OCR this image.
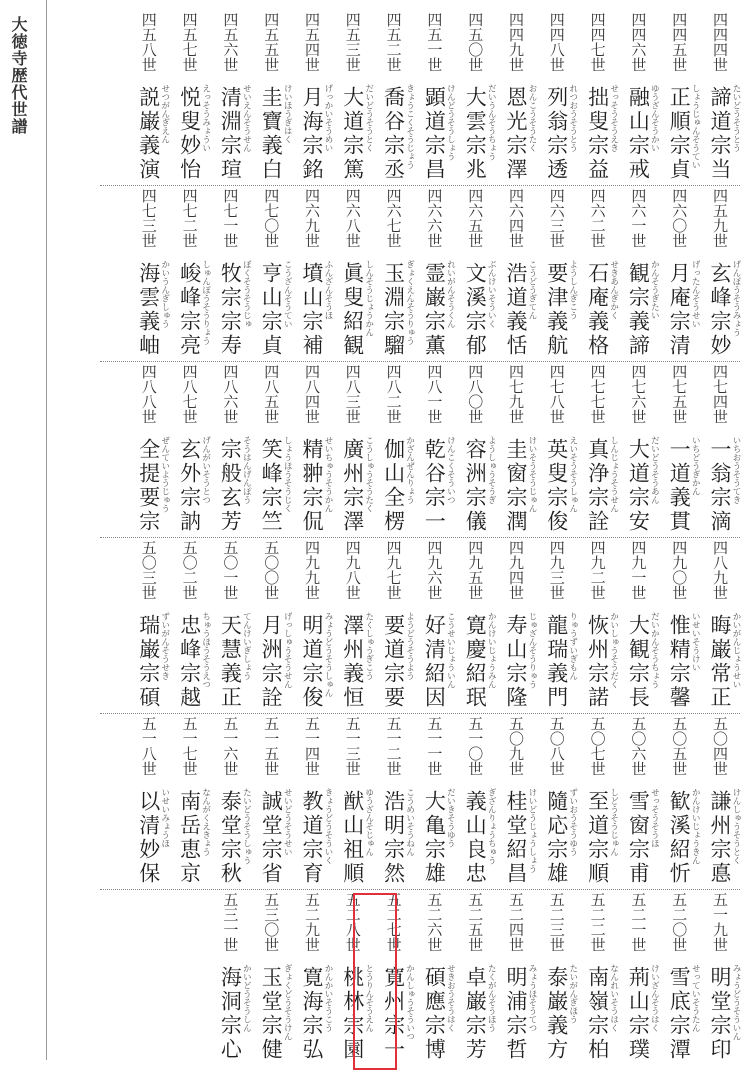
大徳寺歴代世譜	四四四世
諦道宗当 たいどうそうとう
四四五世
正順宗貞 しょうじゅんそうてい
四四六世
融山宗戒 ゆうざんそうかい
四四七世
拙叟宗益 せっそうそうえき
四四八世
列翁宗透 れつおうそうとう
四四九世
恩光宗澤 おんこうそうたく
四五〇世
大雲宗兆 だいうんそうちょう
四五一世
顕道宗昌 けんどうそうしょう
四五二世
喬谷宗丞 きょうこくそうじょう
四五三世
大道宗篤 だいどうそうとく
四五四世
月海宗銘 げっかいそうめい
四五五世
圭寶義白 けいほうぎはく
四五六世
清淵宗瑄 せいえんそうせん
四五七世
悦叟妙怡 えっそうみょうい
四五八世
説巌義演 せつがんぎえん
四五九世
玄峰宗妙 げんぽうそうみょう
四六〇世
月庵宗清 げったんそうせい
四六一世
観宗義諦 かんそうぎたい
四六二世
石庵義格 せきあんぎかく
四六三世
要津義航 ようしんぎこう
四六四世
浩道義恬 こうどうぎてん
四六五世
文溪宗郁 ぶんけいそういく
四六六世
霊巌宗薫 れいがんそうくん
四六七世
玉淵宗騮 ぎょくえんそうりゅう
四六八世
眞叟紹観 しんそうじょうかん
四六九世
墳山宗補 ふんざんそうほ
四七〇世
亨山宗貞 こうざんそうてい
四七一世
牧宗宗寿 ぼくそうそうじゅ
四七二世
峻峰宗亮 しゅんぽうそうりょう
四七三世
海雲義岫 かいうんぎしゅう
四七四世
一翁宗滴 いちおうそうてき
四七五世
一道義貫 いちどうぎかん
四七六世
大道宗安 だいどうそうあん
四七七世
真浄宗詮 しんじょうそうせん
四七八世
英叟宗俊 えいそうそうしゅん
四七九世
圭窗宗潤 けいそうそうじゅん
四八〇世
容洲宗儀 ようしゅうそうぎ
四八一世
乾谷宗一 けんこくそういつ
四八二世
伽山全楞 かざんぜんりょう
四八三世
廣州宗澤 こうしゅうそうたく
四八四世
精翀宗侃 せいちゅうそうかん
四八五世
笑峰宗竺 しょうほうそうじく
四八六世
宗般玄芳 そうはんげんぽう
四八七世
玄外宗訥 げんがいそうとつ
四八八世
全提要宗 ぜんていようじゅう
四八九世
晦巌常正 かいがんじょうせい
四九〇世
惟精宗馨 いせいそうけい
四九一世
大観宗長 だいかんそうちょう
四九二世
恢州宗諾 かいしゅうそうだく
四九三世
龍瑞義門 りゅうずいぎもん
四九四世
寿山宗隆 じゅざんそうりゅう
四九五世
寛慶紹珉 かんけいじょうみん
四九六世
好清紹因 こうせいじょういん
四九七世
要道宗要 ようどうそうよう
四九八世
澤州義恒 たくしゅうぎこう
四九九世
明道宗俊 みょうどうそうしゅん
五〇〇世
月洲宗詮 げっしゅうそうせん
五〇一世
天慧義正 てんけいぎしょう
五〇二世
忠峰宗越 ちゅうほうそうえつ
五〇三世
瑞巌宗碩 ずいがんそうせき
五〇四世
謙州宗悳 けんしゅうそうとく
五〇五世
歓溪紹忻 かんけいじょうきん
五〇六世
雪窗宗甫 せっそうそうほ
五〇七世
至道宗順 しどうそうじゅん
五〇八世
隨応宗雄 ずいおうそうゆう
五〇九世
桂堂紹昌 けいどうじょうしょう
五一〇世
義山良忠 ぎざんりょうちゅう
五一一世
大亀宗雄 だいきそうゆう
五一二世
浩明宗然 こうめいそうねん
五一三世
猷山祖順 ゆうざんそじゅん
五一四世
教道宗育 きょうどうそういく
五一五世
誠堂宗省 せいどうそうせい
五一六世
泰堂宗秋 たいどうそうしゅう
五一七世
南岳恵京 なんがくえきょう
五一八世
以清妙保 いせいみょうほ
五一九世
明堂宗印 みょうどうそういん
五二〇世
雪底宗潭 せっていそうたん
五二一世
荊山宗璞 けいざんそうはく
五二二世
南嶺宗柏 なんれいそうはく
五二三世
泰巌義方 たいがんぎほう
五二四世
明浦宗哲 みょうほそうてつ
五二五世
卓巌宗芳 たくがんそうほう
五二六世
碩應宗博 せきおうそうはく
五二七世
寛州宗一 かんしゅうそういつ
五二八世
桃林宗園 とうりんそうえん
五二九世
寛海宗弘 かんかいそうこう
五三〇世
玉堂宗健 ぎょくどうそうけん
五三一世
海洞宗心 かいどうそうしん
